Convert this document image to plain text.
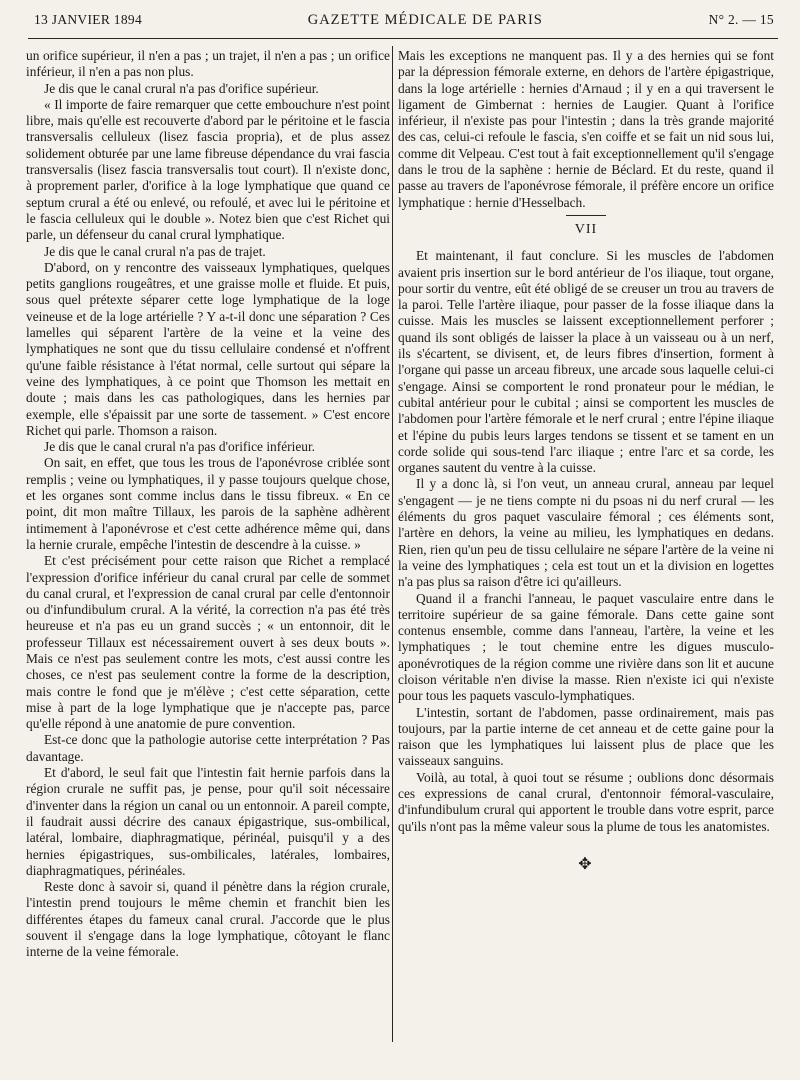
13 JANVIER 1894	GAZETTE MÉDICALE DE PARIS	N° 2. — 15

un orifice supérieur, il n'en a pas ; un trajet, il n'en a pas ; un orifice inférieur, il n'en a pas non plus.

Je dis que le canal crural n'a pas d'orifice supérieur.

« Il importe de faire remarquer que cette embouchure n'est point libre, mais qu'elle est recouverte d'abord par le péritoine et le fascia transversalis celluleux (lisez fascia propria), et de plus assez solidement obturée par une lame fibreuse dépendance du vrai fascia transversalis (lisez fascia transversalis tout court). Il n'existe donc, à proprement parler, d'orifice à la loge lymphatique que quand ce septum crural a été ou enlevé, ou refoulé, et avec lui le péritoine et le fascia celluleux qui le double ». Notez bien que c'est Richet qui parle, un défenseur du canal crural lymphatique.

Je dis que le canal crural n'a pas de trajet.

D'abord, on y rencontre des vaisseaux lymphatiques, quelques petits ganglions rougeâtres, et une graisse molle et fluide. Et puis, sous quel prétexte séparer cette loge lymphatique de la loge veineuse et de la loge artérielle ? Y a-t-il donc une séparation ? Ces lamelles qui séparent l'artère de la veine et la veine des lymphatiques ne sont que du tissu cellulaire condensé et n'offrent qu'une faible résistance à l'état normal, celle surtout qui sépare la veine des lymphatiques, à ce point que Thomson les mettait en doute ; mais dans les cas pathologiques, dans les hernies par exemple, elle s'épaissit par une sorte de tassement. » C'est encore Richet qui parle. Thomson a raison.

Je dis que le canal crural n'a pas d'orifice inférieur.

On sait, en effet, que tous les trous de l'aponévrose criblée sont remplis ; veine ou lymphatiques, il y passe toujours quelque chose, et les organes sont comme inclus dans le tissu fibreux. « En ce point, dit mon maître Tillaux, les parois de la saphène adhèrent intimement à l'aponévrose et c'est cette adhérence même qui, dans la hernie crurale, empêche l'intestin de descendre à la cuisse. »

Et c'est précisément pour cette raison que Richet a remplacé l'expression d'orifice inférieur du canal crural par celle de sommet du canal crural, et l'expression de canal crural par celle d'entonnoir ou d'infundibulum crural. A la vérité, la correction n'a pas été très heureuse et n'a pas eu un grand succès ; « un entonnoir, dit le professeur Tillaux est nécessairement ouvert à ses deux bouts ». Mais ce n'est pas seulement contre les mots, c'est aussi contre les choses, ce n'est pas seulement contre la forme de la description, mais contre le fond que je m'élève ; c'est cette séparation, cette mise à part de la loge lymphatique que je n'accepte pas, parce qu'elle répond à une anatomie de pure convention.

Est-ce donc que la pathologie autorise cette interprétation ? Pas davantage.

Et d'abord, le seul fait que l'intestin fait hernie parfois dans la région crurale ne suffit pas, je pense, pour qu'il soit nécessaire d'inventer dans la région un canal ou un entonnoir. A pareil compte, il faudrait aussi décrire des canaux épigastrique, sus-ombilical, latéral, lombaire, diaphragmatique, périnéal, puisqu'il y a des hernies épigastriques, sus-ombilicales, latérales, lombaires, diaphragmatiques, périnéales.

Reste donc à savoir si, quand il pénètre dans la région crurale, l'intestin prend toujours le même chemin et franchit bien les différentes étapes du fameux canal crural. J'accorde que le plus souvent il s'engage dans la loge lymphatique, côtoyant le flanc interne de la veine fémorale.

Mais les exceptions ne manquent pas. Il y a des hernies qui se font par la dépression fémorale externe, en dehors de l'artère épigastrique, dans la loge artérielle : hernies d'Arnaud ; il y en a qui traversent le ligament de Gimbernat : hernies de Laugier. Quant à l'orifice inférieur, il n'existe pas pour l'intestin ; dans la très grande majorité des cas, celui-ci refoule le fascia, s'en coiffe et se fait un nid sous lui, comme dit Velpeau. C'est tout à fait exceptionnellement qu'il s'engage dans le trou de la saphène : hernie de Béclard. Et du reste, quand il passe au travers de l'aponévrose fémorale, il préfère encore un orifice lymphatique : hernie d'Hesselbach.

VII

Et maintenant, il faut conclure. Si les muscles de l'abdomen avaient pris insertion sur le bord antérieur de l'os iliaque, tout organe, pour sortir du ventre, eût été obligé de se creuser un trou au travers de la paroi. Telle l'artère iliaque, pour passer de la fosse iliaque dans la cuisse. Mais les muscles se laissent exceptionnellement perforer ; quand ils sont obligés de laisser la place à un vaisseau ou à un nerf, ils s'écartent, se divisent, et, de leurs fibres d'insertion, forment à l'organe qui passe un arceau fibreux, une arcade sous laquelle celui-ci s'engage. Ainsi se comportent le rond pronateur pour le médian, le cubital antérieur pour le cubital ; ainsi se comportent les muscles de l'abdomen pour l'artère fémorale et le nerf crural ; entre l'épine iliaque et l'épine du pubis leurs larges tendons se tissent et se tament en un corde solide qui sous-tend l'arc iliaque ; entre l'arc et sa corde, les organes sautent du ventre à la cuisse.

Il y a donc là, si l'on veut, un anneau crural, anneau par lequel s'engagent — je ne tiens compte ni du psoas ni du nerf crural — les éléments du gros paquet vasculaire fémoral ; ces éléments sont, l'artère en dehors, la veine au milieu, les lymphatiques en dedans. Rien, rien qu'un peu de tissu cellulaire ne sépare l'artère de la veine ni la veine des lymphatiques ; cela est tout un et la division en logettes n'a pas plus sa raison d'être ici qu'ailleurs.

Quand il a franchi l'anneau, le paquet vasculaire entre dans le territoire supérieur de sa gaine fémorale. Dans cette gaine sont contenus ensemble, comme dans l'anneau, l'artère, la veine et les lymphatiques ; le tout chemine entre les digues musculo-aponévrotiques de la région comme une rivière dans son lit et aucune cloison véritable n'en divise la masse. Rien n'existe ici qui n'existe pour tous les paquets vasculo-lymphatiques.

L'intestin, sortant de l'abdomen, passe ordinairement, mais pas toujours, par la partie interne de cet anneau et de cette gaine pour la raison que les lymphatiques lui laissent plus de place que les vaisseaux sanguins.

Voilà, au total, à quoi tout se résume ; oublions donc désormais ces expressions de canal crural, d'entonnoir fémoral-vasculaire, d'infundibulum crural qui apportent le trouble dans votre esprit, parce qu'ils n'ont pas la même valeur sous la plume de tous les anatomistes.

✥
